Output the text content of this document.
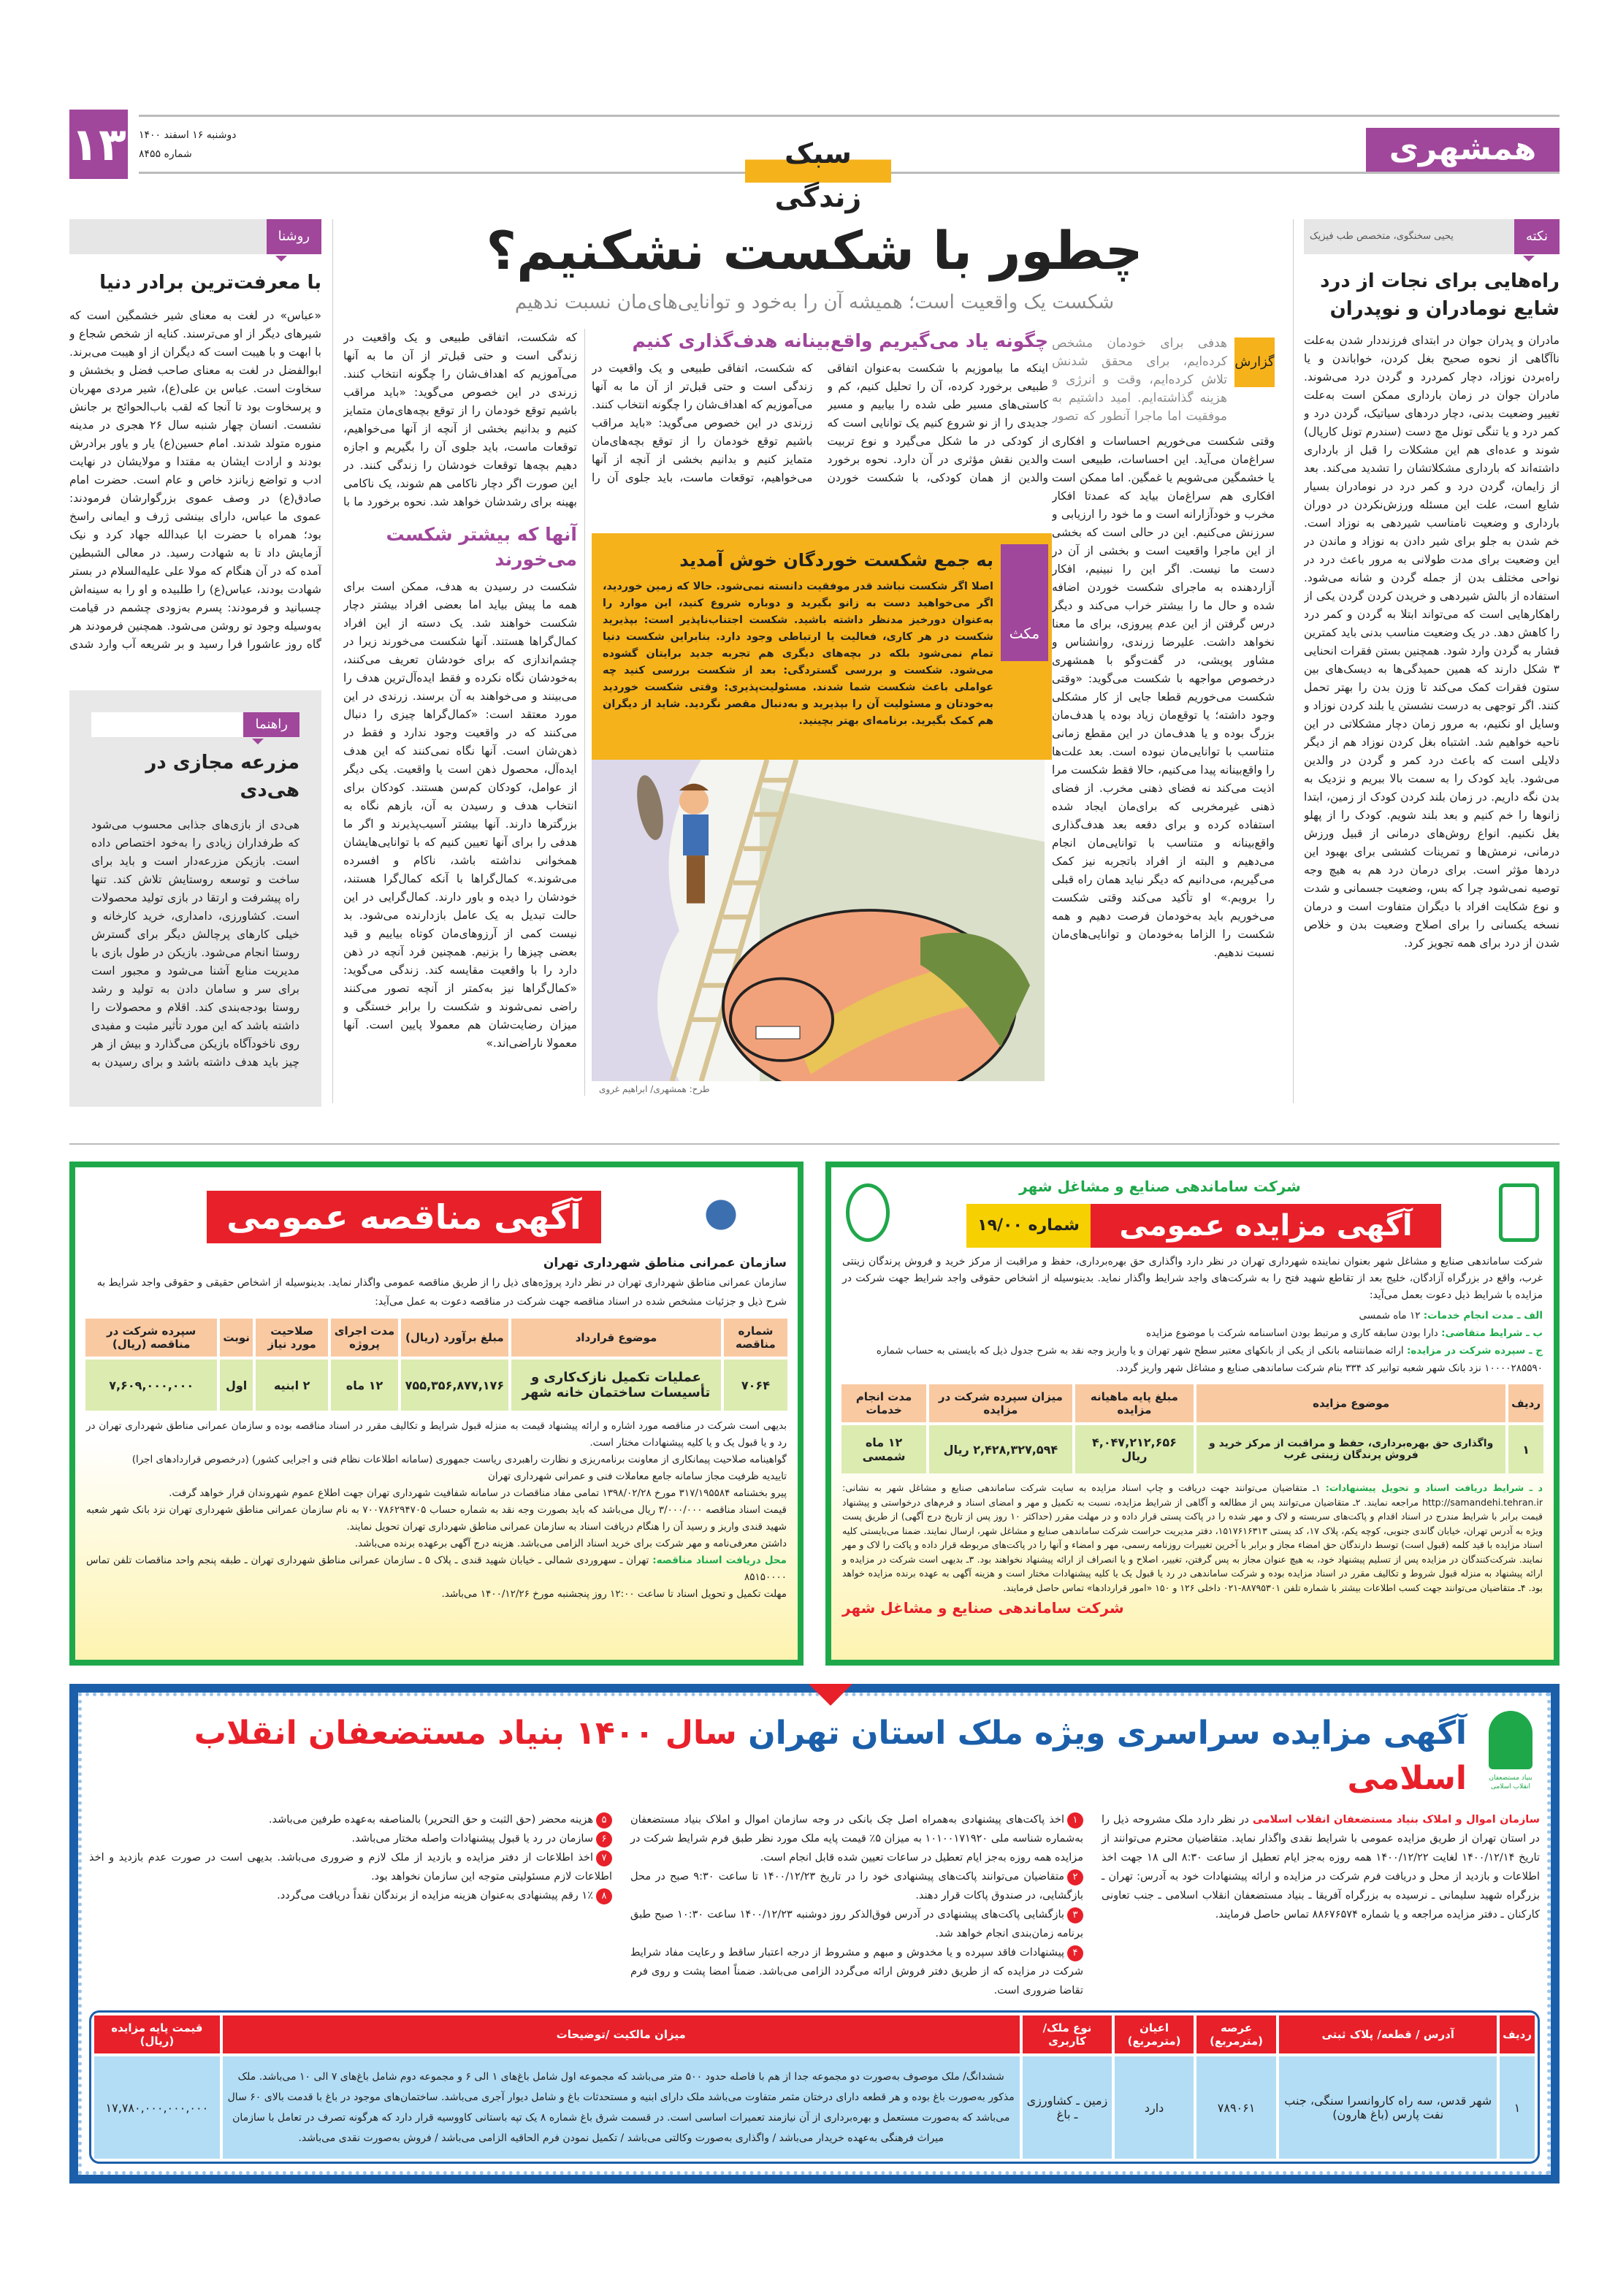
۱۳ دوشنبه ۱۶ اسفند ۱۴۰۰
شماره ۸۴۵۵	سبک زندگی
همشهری
روشنا
با معرفت‌ترین برادر دنیا
«عباس» در لغت به معنای شیر خشمگین است که شیرهای دیگر از او می‌ترسند. کنایه از شخص شجاع و با ابهت و با هیبت است که دیگران از او هیبت می‌برند. ابوالفضل در لغت به معنای صاحب فضل و بخشش و سخاوت است. عباس بن علی(ع)، شیر مردی مهربان و پرسخاوت بود تا آنجا که لقب باب‌الحوائج بر جانش نشست. انسان چهار شنبه سال ۲۶ هجری در مدینه منوره متولد شدند. امام حسین(ع) یار و یاور برادرش بودند و ارادت ایشان به مقتدا و مولایشان در نهایت ادب و تواضع زبانزد خاص و عام است. حضرت امام صادق(ع) در وصف عموی بزرگوارشان فرمودند: عموی ما عباس، دارای بینشی ژرف و ایمانی راسخ بود؛ همراه با حضرت ابا عبدالله جهاد کرد و نیک آزمایش داد تا به شهادت رسید. در معالی الشبطین آمده که در آن هنگام که مولا علی علیه‌السلام در بستر شهادت بودند، عباس(ع) را طلبیده و او را به سینه‌اش چسبانید و فرمودند: پسرم به‌زودی چشمم در قیامت به‌وسیله وجود تو روشن می‌شود. همچنین فرمودند هر گاه روز عاشورا فرا رسید و بر شریعه آب وارد شدی
راهنما
مزرعه مجازی در هی‌دی
هی‌دی از بازی‌های جذابی محسوب می‌شود که طرفداران زیادی را به‌خود اختصاص داده است. بازیکن مزرعه‌دار است و باید برای ساخت و توسعه روستایش تلاش کند. تنها راه پیشرفت و ارتقا در بازی تولید محصولات است. کشاورزی، دامداری، خرید کارخانه و خیلی کارهای پرچالش دیگر برای گسترش روستا انجام می‌شود. بازیکن در طول بازی با مدیریت منابع آشنا می‌شود و مجبور است برای سر و سامان دادن به تولید و رشد روستا بودجه‌بندی کند. اقلام و محصولات را داشته باشد که این مورد تأثیر مثبت و مفیدی روی ناخودآگاه بازیکن می‌گذارد و بیش از هر چیز باید هدف داشته باشد و برای رسیدن به
چطور با شکست نشکنیم؟
شکست یک واقعیت است؛ همیشه آن را به‌خود و توانایی‌های‌مان نسبت ندهیم
گزارش
هدفی برای خودمان مشخص کرده‌ایم، برای محقق شدنش تلاش کرده‌ایم، وقت و انرژی و هزینه گذاشته‌ایم. امید داشتیم به موفقیت اما ماجرا آنطور که تصور
وقتی شکست می‌خوریم احساسات و افکاری سراغ‌مان می‌آید. این احساسات، طبیعی است یا خشمگین می‌شویم یا غمگین. اما ممکن است افکاری هم سراغ‌مان بیاید که عمدتا افکار مخرب و خودآزارانه است و ما خود را ارزیابی و سرزنش می‌کنیم. این در حالی است که بخشی از این ماجرا واقعیت است و بخشی از آن در دست ما نیست. اگر این را نبینیم، افکار آزاردهنده به ماجرای شکست خوردن اضافه شده و حال ما را بیشتر خراب می‌کند و دیگر درس گرفتن از این عدم پیروزی، برای ما معنا نخواهد داشت. علیرضا زرندی، روانشناس و مشاور پویشی، در گفت‌وگو با همشهری درخصوص مواجهه با شکست می‌گوید: «وقتی شکست می‌خوریم قطعا جایی از کار مشکلی وجود داشته؛ یا توقع‌مان زیاد بوده یا هدف‌مان بزرگ بوده و یا هدف‌مان در این مقطع زمانی متناسب با توانایی‌مان نبوده است. بعد علت‌ها را واقع‌بینانه پیدا می‌کنیم، حالا فقط شکست مرا اذیت می‌کند نه فضای ذهنی مخرب. از فضای ذهنی غیرمخربی که برای‌مان ایجاد شده استفاده کرده و برای دفعه بعد هدف‌گذاری واقع‌بینانه و متناسب با توانایی‌مان انجام می‌دهیم و البته از افراد باتجربه نیز کمک می‌گیریم، می‌دانیم که دیگر نباید همان راه قبلی را برویم.» او تأکید می‌کند وقتی شکست می‌خوریم باید به‌خودمان فرصت دهیم و همه شکست را الزاما به‌خودمان و توانایی‌های‌مان نسبت ندهیم.
چگونه یاد می‌گیریم واقع‌بینانه هدف‌گذاری کنیم
اینکه ما بیاموزیم با شکست به‌عنوان اتفاقی طبیعی برخورد کرده، آن را تحلیل کنیم، کم و کاستی‌های مسیر طی شده را بیابیم و مسیر جدیدی را از نو شروع کنیم یک توانایی است که از کودکی در ما شکل می‌گیرد و نوع تربیت والدین نقش مؤثری در آن دارد. نحوه برخورد والدین از همان کودکی، با شکست خوردن
که شکست، اتفاقی طبیعی و یک واقعیت در زندگی است و حتی قبل‌تر از آن ما به آنها می‌آموزیم که اهداف‌شان را چگونه انتخاب کنند. زرندی در این خصوص می‌گوید: «باید مراقب باشیم توقع خودمان را از توقع بچه‌های‌مان متمایز کنیم و بدانیم بخشی از آنچه از آنها می‌خواهیم، توقعات ماست، باید جلوی آن را
که شکست، اتفاقی طبیعی و یک واقعیت در زندگی است و حتی قبل‌تر از آن ما به آنها می‌آموزیم که اهداف‌شان را چگونه انتخاب کنند. زرندی در این خصوص می‌گوید: «باید مراقب باشیم توقع خودمان را از توقع بچه‌های‌مان متمایز کنیم و بدانیم بخشی از آنچه از آنها می‌خواهیم، توقعات ماست، باید جلوی آن را بگیریم و اجازه دهیم بچه‌ها توقعات خودشان را زندگی کنند. در این صورت اگر دچار ناکامی هم شوند، یک ناکامی بهینه برای رشدشان خواهد شد. نحوه برخورد ما با
آنها که بیشتر شکست می‌خورند
شکست در رسیدن به هدف، ممکن است برای همه ما پیش بیاید اما بعضی افراد بیشتر دچار شکست خواهند شد. یک دسته از این افراد کمال‌گراها هستند. آنها شکست می‌خورند زیرا در چشم‌اندازی که برای خودشان تعریف می‌کنند، به‌خودشان نگاه نکرده و فقط ایده‌آل‌ترین هدف را می‌بینند و می‌خواهند به آن برسند. زرندی در این مورد معتقد است: «کمال‌گراها چیزی را دنبال می‌کنند که در واقعیت وجود ندارد و فقط در ذهن‌شان است. آنها نگاه نمی‌کنند که این هدف ایده‌آل، محصول ذهن است یا واقعیت. یکی دیگر از عوامل، کودکان کم‌سن هستند. کودکان برای انتخاب هدف و رسیدن به آن، بازهم نگاه به بزرگترها دارند. آنها بیشتر آسیب‌پذیرند و اگر ما هدفی را برای آنها تعیین کنیم که با توانایی‌هایشان همخوانی نداشته باشد، ناکام و افسرده می‌شوند.» کمال‌گراها با آنکه کمال‌گرا هستند، خودشان را دیده و باور دارند. کمال‌گرایی در این حالت تبدیل به یک عامل بازدارنده می‌شود. بد نیست کمی از آرزوهای‌مان کوتاه بیاییم و قید بعضی چیزها را بزنیم. همچنین فرد آنچه در ذهن دارد را با واقعیت مقایسه کند. زندگی می‌گوید: «کمال‌گراها نیز به‌کمتر از آنچه تصور می‌کنند راضی نمی‌شوند و شکست را برابر خستگی و میزان رضایت‌شان هم معمولا پایین است. آنها معمولا ناراضی‌اند.»
مکث
به جمع شکست خوردگان خوش آمدید
اصلا اگر شکست نباشد قدر موفقیت دانسته نمی‌شود. حالا که زمین خوردید، اگر می‌خواهید دست به زانو بگیرید و دوباره شروع کنید، این موارد را به‌عنوان دورخیز مدنظر داشته باشید. شکست اجتناب‌ناپذیر است: بپذیرید شکست در هر کاری، فعالیت یا ارتباطی وجود دارد. بنابراین شکست دنیا تمام نمی‌شود بلکه در بچه‌های دیگری هم تجربه جدید برایتان گشوده می‌شود. شکست و بررسی گستردگی: بعد از شکست بررسی کنید چه عواملی باعث شکست شما شدند. مسئولیت‌پذیری: وقتی شکست خوردید به‌خودتان و مسئولیت آن را بپذیرید و به‌دنبال مقصر نگردید. شاید از دیگران هم کمک بگیرید. برنامه‌ای بهتر بچینید.
طرح: همشهری/ ابراهیم غروی
نکته
یحیی سخنگوی، متخصص طب فیزیک
راه‌هایی برای نجات از درد شایع نومادران و نوپدران
مادران و پدران جوان در ابتدای فرزنددار شدن به‌علت ناآگاهی از نحوه صحیح بغل کردن، خواباندن و یا راه‌بردن نوزاد، دچار کمردرد و گردن درد می‌شوند. مادران جوان در زمان بارداری ممکن است به‌علت تغییر وضعیت بدنی، دچار دردهای سیاتیک، گردن درد و کمر درد و یا تنگی تونل مچ دست (سندرم تونل کارپال) شوند و عده‌ای هم این مشکلات را قبل از بارداری داشته‌اند که بارداری مشکلاتشان را تشدید می‌کند. بعد از زایمان، گردن درد و کمر درد در نومادران بسیار شایع است، علت این مسئله ورزش‌نکردن در دوران بارداری و وضعیت نامناسب شیردهی به نوزاد است. خم شدن به جلو برای شیر دادن به نوزاد و ماندن در این وضعیت برای مدت طولانی به مرور باعث درد در نواحی مختلف بدن از جمله گردن و شانه می‌شود. استفاده از بالش شیردهی و خریدن کردن گردن یکی از راهکارهایی است که می‌تواند ابتلا به گردن و کمر درد را کاهش دهد. در یک وضعیت مناسب بدنی باید کمترین فشار به گردن وارد شود. همچنین بستن فقرات انحنایی ۳ شکل دارند که همین حمیدگی‌ها به دیسک‌های بین ستون فقرات کمک می‌کند تا وزن بدن را بهتر تحمل کنند. اگر توجهی به درست نشستن یا بلند کردن نوزاد و وسایل او نکنیم، به مرور زمان دچار مشکلاتی در این ناحیه خواهیم شد. اشتباه بغل کردن نوزاد هم از دیگر دلایلی است که باعث درد کمر و گردن در والدین می‌شود. باید کودک را به سمت بالا ببریم و نزدیک به بدن نگه داریم. در زمان بلند کردن کودک از زمین، ابتدا زانوها را خم کنیم و بعد بلند شویم. کودک را از پهلو بغل نکنیم. انواع روش‌های درمانی از قبیل ورزش درمانی، نرمش‌ها و تمرینات کششی برای بهبود این دردها مؤثر است. برای درمان درد هم به هیچ وجه توصیه نمی‌شود چرا که بس، وضعیت جسمانی و شدت و نوع شکایت افراد با دیگران متفاوت است و درمان نسخه یکسانی را برای اصلاح وضعیت بدن و خلاص شدن از درد برای همه تجویز کرد.
شرکت ساماندهی صنایع و مشاغل شهر
شماره ۱۹/۰۰	آگهی مزایده عمومی
شرکت ساماندهی صنایع و مشاغل شهر بعنوان نماینده شهرداری تهران در نظر دارد واگذاری حق بهره‌برداری، حفظ و مراقبت از مرکز خرید و فروش پرندگان زینتی غرب، واقع در بزرگراه آزادگان، خلیج بعد از تقاطع شهید فتح را به شرکت‌های واجد شرایط واگذار نماید. بدینوسیله از اشخاص حقوقی واجد شرایط جهت شرکت در مزایده با شرایط ذیل دعوت بعمل می‌آید:
الف ـ مدت انجام خدمات: ۱۲ ماه شمسی
ب ـ شرایط متقاضی: دارا بودن سابقه کاری و مرتبط بودن اساسنامه شرکت با موضوع مزایده
ج ـ سپرده شرکت در مزایده: ارائه ضمانتنامه بانکی از یکی از بانکهای معتبر سطح شهر تهران و یا واریز وجه نقد به شرح جدول ذیل که بایستی به حساب شماره ۱۰۰۰۰۲۸۵۵۹۰ نزد بانک شهر شعبه توانیر کد ۳۳۴ بنام شرکت ساماندهی صنایع و مشاغل شهر واریز گردد.
ردیف	موضوع مزایده	مبلغ پایه ماهیانه مزایده	میزان سپرده شرکت در مزایده	مدت انجام خدمات
۱	واگذاری حق بهره‌برداری، حفظ و مراقبت از مرکز خرید و فروش پرندگان زینتی غرب	۴,۰۴۷,۲۱۲,۶۵۶ ریال	۲,۴۲۸,۳۲۷,۵۹۴ ریال	۱۲ ماه شمسی
د ـ شرایط دریافت اسناد و تحویل پیشنهادات: ۱ـ متقاضیان می‌توانند جهت دریافت و چاپ اسناد مزایده به سایت شرکت ساماندهی صنایع و مشاغل شهر به نشانی: http://samandehi.tehran.ir مراجعه نمایند. ۲ـ متقاضیان می‌توانند پس از مطالعه و آگاهی از شرایط مزایده، نسبت به تکمیل و مهر و امضای اسناد و فرم‌های درخواستی و پیشنهاد قیمت برابر با شرایط مندرج در اسناد اقدام و پاکت‌های سربسته و لاک و مهر شده را در پاکت پستی قرار داده و در مهلت مقرر (حداکثر ۱۰ روز پس از تاریخ درج آگهی) از طریق پست ویژه به آدرس تهران، خیابان گاندی جنوبی، کوچه یکم، پلاک ۱۷، کد پستی ۱۵۱۷۶۱۶۳۱۳، دفتر مدیریت حراست شرکت ساماندهی صنایع و مشاغل شهر، ارسال نمایند. ضمنا می‌بایستی کلیه اسناد مزایده با قید کلمه (قبول است) توسط دارندگان حق امضاء مجاز و برابر با آخرین تغییرات روزنامه رسمی، مهر و امضاء و آنها را در پاکت‌های مربوطه قرار داده و پاکت را لاک و مهر نمایند. شرکت‌کنندگان در مزایده پس از تسلیم پیشنهاد خود، به هیچ عنوان مجاز به پس گرفتن، تغییر، اصلاح و یا انصراف از ارائه پیشنهاد نخواهند بود. ۳ـ بدیهی است شرکت در مزایده و ارائه پیشنهاد به منزله قبول شروط و تکالیف مقرر در اسناد مزایده بوده و شرکت ساماندهی در رد یا قبول یک یا کلیه پیشنهادات مختار است و هزینه آگهی به عهده برنده مزایده خواهد بود. ۴ـ متقاضیان می‌توانند جهت کسب اطلاعات بیشتر با شماره تلفن ۸۸۷۹۵۳۰۱-۰۲۱ داخلی ۱۲۶ و ۱۵۰ «امور قراردادها» تماس حاصل فرمایند.
شرکت ساماندهی صنایع و مشاغل شهر
آگهی مناقصه عمومی
سازمان عمرانی مناطق شهرداری تهران
سازمان عمرانی مناطق شهرداری تهران در نظر دارد پروژه‌های ذیل را از طریق مناقصه عمومی واگذار نماید. بدینوسیله از اشخاص حقیقی و حقوقی واجد شرایط به شرح ذیل و جزئیات مشخص شده در اسناد مناقصه جهت شرکت در مناقصه دعوت به عمل می‌آید:
شماره مناقصه	موضوع قرارداد	مبلغ برآورد (ریال)	مدت اجرای پروژه	صلاحیت مورد نیاز	نوبت	سپرده شرکت در مناقصه (ریال)
۷۰۶۴	عملیات تکمیل نازک‌کاری و تأسیسات ساختمان خانه شهر	۷۵۵,۳۵۶,۸۷۷,۱۷۶	۱۲ ماه	۲ ابنیه	اول	۷,۶۰۹,۰۰۰,۰۰۰
بدیهی است شرکت در مناقصه مورد اشاره و ارائه پیشنهاد قیمت به منزله قبول شرایط و تکالیف مقرر در اسناد مناقصه بوده و سازمان عمرانی مناطق شهرداری تهران در رد و یا قبول یک و یا کلیه پیشنهادات مختار است.
گواهینامه صلاحیت پیمانکاری از معاونت برنامه‌ریزی و نظارت راهبردی ریاست جمهوری (سامانه اطلاعات نظام فنی و اجرایی کشور) (درخصوص قراردادهای اجرا)
تاییدیه ظرفیت مجاز سامانه جامع معاملات فنی و عمرانی شهرداری تهران
پیرو بخشنامه ۳۱۷/۱۹۵۵۸۴ مورخ ۱۳۹۸/۰۲/۲۸ تمامی مفاد مناقصات در سامانه شفافیت شهرداری تهران جهت اطلاع عموم شهروندان قرار خواهد گرفت.
قیمت اسناد مناقصه ۳/۰۰۰/۰۰۰ ریال می‌باشد که باید بصورت وجه نقد به شماره حساب ۷۰۰۷۸۶۲۹۴۷۰۵ به نام سازمان عمرانی مناطق شهرداری تهران نزد بانک شهر شعبه شهید قندی واریز و رسید آن را هنگام دریافت اسناد به سازمان عمرانی مناطق شهرداری تهران تحویل نمایند.
داشتن معرفی‌نامه و مهر شرکت برای خرید اسناد الزامی می‌باشد. هزینه درج آگهی برعهده برنده می‌باشد.
محل دریافت اسناد مناقصه: تهران ـ سهروردی شمالی ـ خیابان شهید قندی ـ پلاک ۵ ـ سازمان عمرانی مناطق شهرداری تهران ـ طبقه پنجم واحد مناقصات تلفن تماس ۸۵۱۵۰۰۰۰
مهلت تکمیل و تحویل اسناد تا ساعت ۱۲:۰۰ روز پنجشنبه مورخ ۱۴۰۰/۱۲/۲۶ می‌باشد.
بنیاد مستضعفان انقلاب اسلامی
آگهی مزایده سراسری ویژه ملک استان تهران سال ۱۴۰۰ بنیاد مستضعفان انقلاب اسلامی
سازمان اموال و املاک بنیاد مستضعفان انقلاب اسلامی در نظر دارد ملک مشروحه ذیل را در استان تهران از طریق مزایده عمومی با شرایط نقدی واگذار نماید. متقاضیان محترم می‌توانند از تاریخ ۱۴۰۰/۱۲/۱۴ لغایت ۱۴۰۰/۱۲/۲۲ همه روزه به‌جز ایام تعطیل از ساعت ۸:۳۰ الی ۱۸ جهت اخذ اطلاعات و بازدید از محل و دریافت فرم شرکت در مزایده و ارائه پیشنهادات خود به آدرس: تهران ـ بزرگراه شهید سلیمانی ـ نرسیده به بزرگراه آفریقا ـ بنیاد مستضعفان انقلاب اسلامی ـ جنب تعاونی کارکنان ـ دفتر مزایده مراجعه و یا شماره ۸۸۶۷۶۵۷۴ تماس حاصل فرمایند.
۱اخذ پاکت‌های پیشنهادی به‌همراه اصل چک بانکی در وجه سازمان اموال و املاک بنیاد مستضعفان به‌شماره شناسه ملی ۱۰۱۰۰۱۷۱۹۲۰ به میزان ۵٪ قیمت پایه ملک مورد نظر طبق فرم شرایط شرکت در مزایده همه روزه به‌جز ایام تعطیل در ساعات تعیین شده قابل انجام است.
۲متقاضیان می‌توانند پاکت‌های پیشنهادی خود را در تاریخ ۱۴۰۰/۱۲/۲۳ تا ساعت ۹:۳۰ صبح در محل بازگشایی، در صندوق پاکات قرار دهند.
۳بازگشایی پاکت‌های پیشنهادی در آدرس فوق‌الذکر روز دوشنبه ۱۴۰۰/۱۲/۲۳ ساعت ۱۰:۳۰ صبح طبق برنامه زمان‌بندی انجام خواهد شد.
۴پیشنهادات فاقد سپرده و یا مخدوش و مبهم و مشروط از درجه اعتبار ساقط و رعایت مفاد شرایط شرکت در مزایده که از طریق دفتر فروش ارائه می‌گردد الزامی می‌باشد. ضمناً امضا پشت و روی فرم تقاضا ضروری است.
۵هزینه محضر (حق الثبت و حق التحریر) بالمناصفه به‌عهده طرفین می‌باشد.
۶سازمان در رد یا قبول پیشنهادات واصله مختار می‌باشد.
۷اخذ اطلاعات از دفتر مزایده و بازدید از ملک لازم و ضروری می‌باشد. بدیهی است در صورت عدم بازدید و اخذ اطلاعات لازم مسئولیتی متوجه این سازمان نخواهد بود.
۸۱٪ رقم پیشنهادی به‌عنوان هزینه مزایده از برندگان نقداً دریافت می‌گردد.
ردیف	آدرس / قطعه/ پلاک ثبتی	عرصه (مترمربع)	اعیان (مترمربع)	نوع ملک/ کاربری	میزان مالکیت /توضیحات	قیمت پایه مزایده (ریال)
۱	شهر قدس، سه راه کاروانسرا سنگی، جنب نفت پارس (باغ هارون)	۷۸۹۰۶۱	دارد	زمین ـ کشاورزی ـ باغ	ششدانگ/ ملک موصوف به‌صورت دو مجموعه جدا از هم با فاصله حدود ۵۰۰ متر می‌باشد که مجموعه اول شامل باغ‌های ۱ الی ۶ و مجموعه دوم شامل باغ‌های ۷ الی ۱۰ می‌باشد. ملک مذکور به‌صورت باغ بوده و هر قطعه دارای درختان مثمر متفاوت می‌باشد ملک دارای ابنیه و مستحدثات باغ و شامل دیوار آجری می‌باشد. ساختمان‌های موجود در باغ با قدمت بالای ۶۰ سال می‌باشد که به‌صورت مستعمل و بهره‌برداری از آن نیازمند تعمیرات اساسی است. در قسمت شرق باغ شماره ۸ یک تپه باستانی کاووسیه قرار دارد که هرگونه تصرف در تعامل با سازمان میراث فرهنگی به‌عهده خریدار می‌باشد / واگذاری به‌صورت وکالتی می‌باشد / تکمیل نمودن فرم الحاقیه الزامی می‌باشد / فروش به‌صورت نقدی می‌باشد.	۱۷,۷۸۰,۰۰۰,۰۰۰,۰۰۰
